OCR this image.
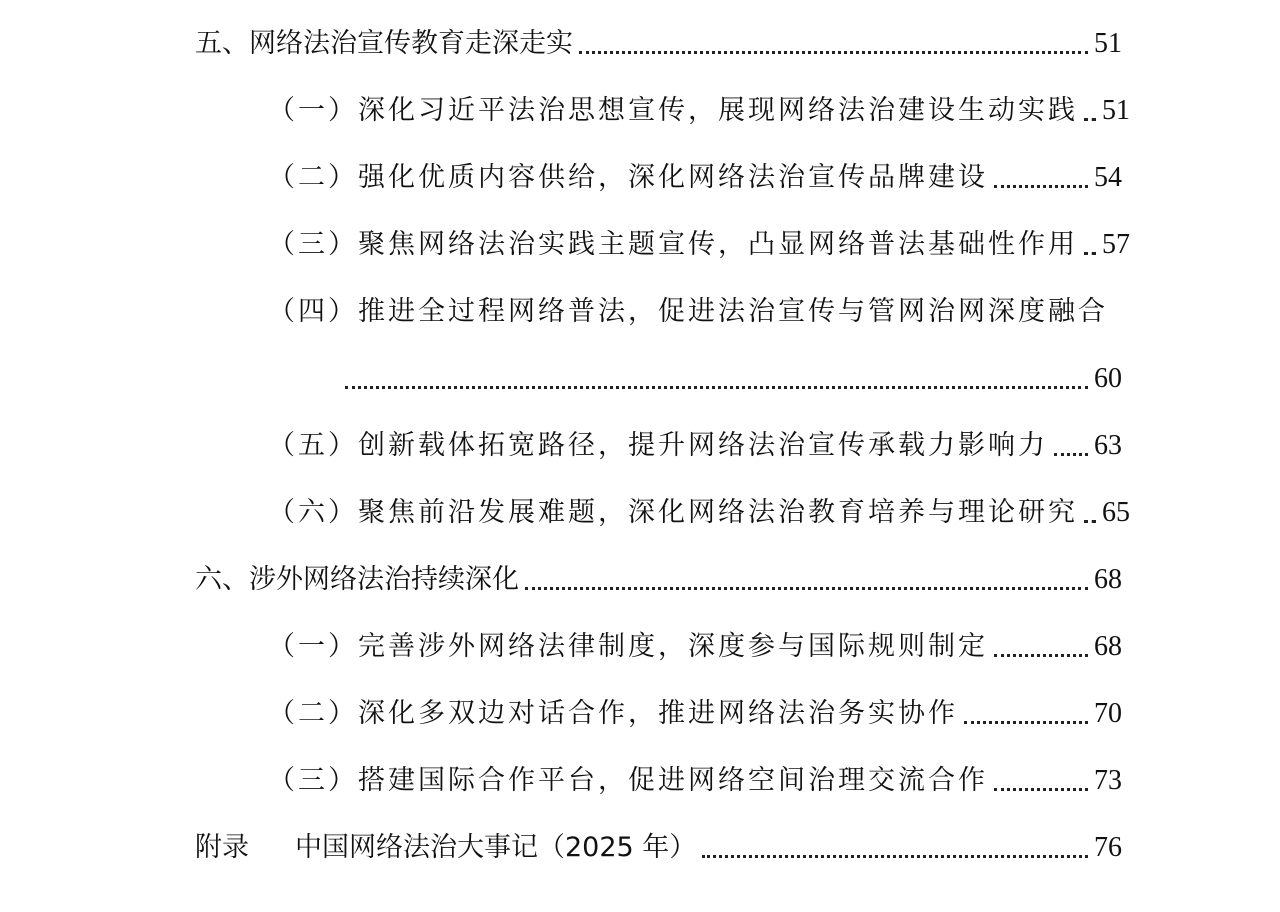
五、网络法治宣传教育走深走实	51
（一）深化习近平法治思想宣传，展现网络法治建设生动实践 51
（二）强化优质内容供给，深化网络法治宣传品牌建设	54
（三）聚焦网络法治实践主题宣传，凸显网络普法基础性作用 57
（四）推进全过程网络普法，促进法治宣传与管网治网深度融合
60
（五）创新载体拓宽路径，提升网络法治宣传承载力影响力 63
（六）聚焦前沿发展难题，深化网络法治教育培养与理论研究 65
六、涉外网络法治持续深化	68
（一）完善涉外网络法律制度，深度参与国际规则制定	68
（二）深化多双边对话合作，推进网络法治务实协作	70
（三）搭建国际合作平台，促进网络空间治理交流合作	73
附录 中国网络法治大事记（2025 年）	76
